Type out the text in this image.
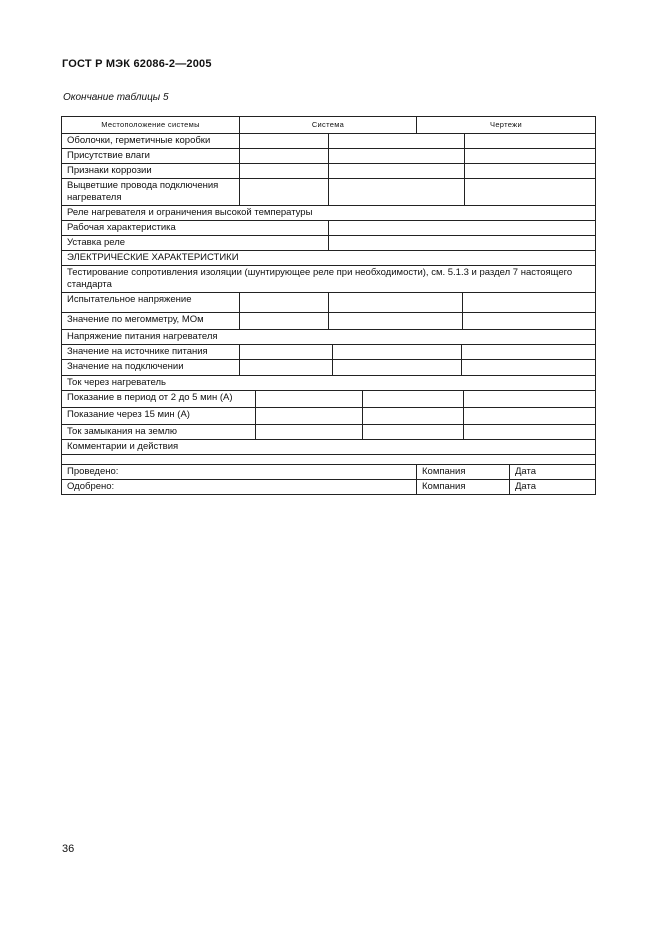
ГОСТ Р МЭК 62086-2—2005
Окончание таблицы 5
Местоположение системы	Система	Чертежи
Оболочки, герметичные коробки
Присутствие влаги
Признаки коррозии
Выцветшие провода подключения нагревателя
Реле нагревателя и ограничения высокой температуры
Рабочая характеристика
Уставка реле
ЭЛЕКТРИЧЕСКИЕ ХАРАКТЕРИСТИКИ
Тестирование сопротивления изоляции (шунтирующее реле при необходимости), см. 5.1.3 и раздел 7 настоящего стандарта
Испытательное напряжение
Значение по мегомметру, МОм
Напряжение питания нагревателя
Значение на источнике питания
Значение на подключении
Ток через нагреватель
Показание в период от 2 до 5 мин (А)
Показание через 15 мин (А)
Ток замыкания на землю
Комментарии и действия
Проведено:	Компания	Дата
Одобрено:	Компания	Дата
36
